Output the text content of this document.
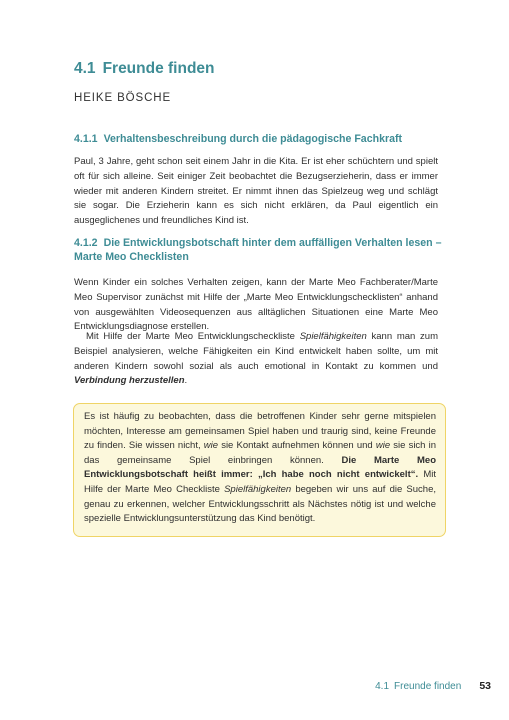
4.1 Freunde finden
HEIKE BÖSCHE
4.1.1 Verhaltensbeschreibung durch die pädagogische Fachkraft

Paul, 3 Jahre, geht schon seit einem Jahr in die Kita. Er ist eher schüchtern und spielt oft für sich alleine. Seit einiger Zeit beobachtet die Bezugserzieherin, dass er immer wieder mit anderen Kindern streitet. Er nimmt ihnen das Spielzeug weg und schlägt sie sogar. Die Erzieherin kann es sich nicht erklären, da Paul eigentlich ein ausgeglichenes und freundliches Kind ist.

4.1.2 Die Entwicklungsbotschaft hinter dem auffälligen Verhalten lesen – Marte Meo Checklisten

Wenn Kinder ein solches Verhalten zeigen, kann der Marte Meo Fachberater/Marte Meo Supervisor zunächst mit Hilfe der „Marte Meo Entwicklungschecklisten“ anhand von ausgewählten Videosequenzen aus alltäglichen Situationen eine Marte Meo Entwicklungsdiagnose erstellen.

Mit Hilfe der Marte Meo Entwicklungscheckliste Spielfähigkeiten kann man zum Beispiel analysieren, welche Fähigkeiten ein Kind entwickelt haben sollte, um mit anderen Kindern sowohl sozial als auch emotional in Kontakt zu kommen und Verbindung herzustellen.

Es ist häufig zu beobachten, dass die betroffenen Kinder sehr gerne mitspielen möchten, Interesse am gemeinsamen Spiel haben und traurig sind, keine Freunde zu finden. Sie wissen nicht, wie sie Kontakt aufnehmen können und wie sie sich in das gemeinsame Spiel einbringen können. Die Marte Meo Entwicklungsbotschaft heißt immer: „Ich habe noch nicht entwickelt“. Mit Hilfe der Marte Meo Checkliste Spielfähigkeiten begeben wir uns auf die Suche, genau zu erkennen, welcher Entwicklungsschritt als Nächstes nötig ist und welche spezielle Entwicklungsunterstützung das Kind benötigt.
4.1 Freunde finden 53
